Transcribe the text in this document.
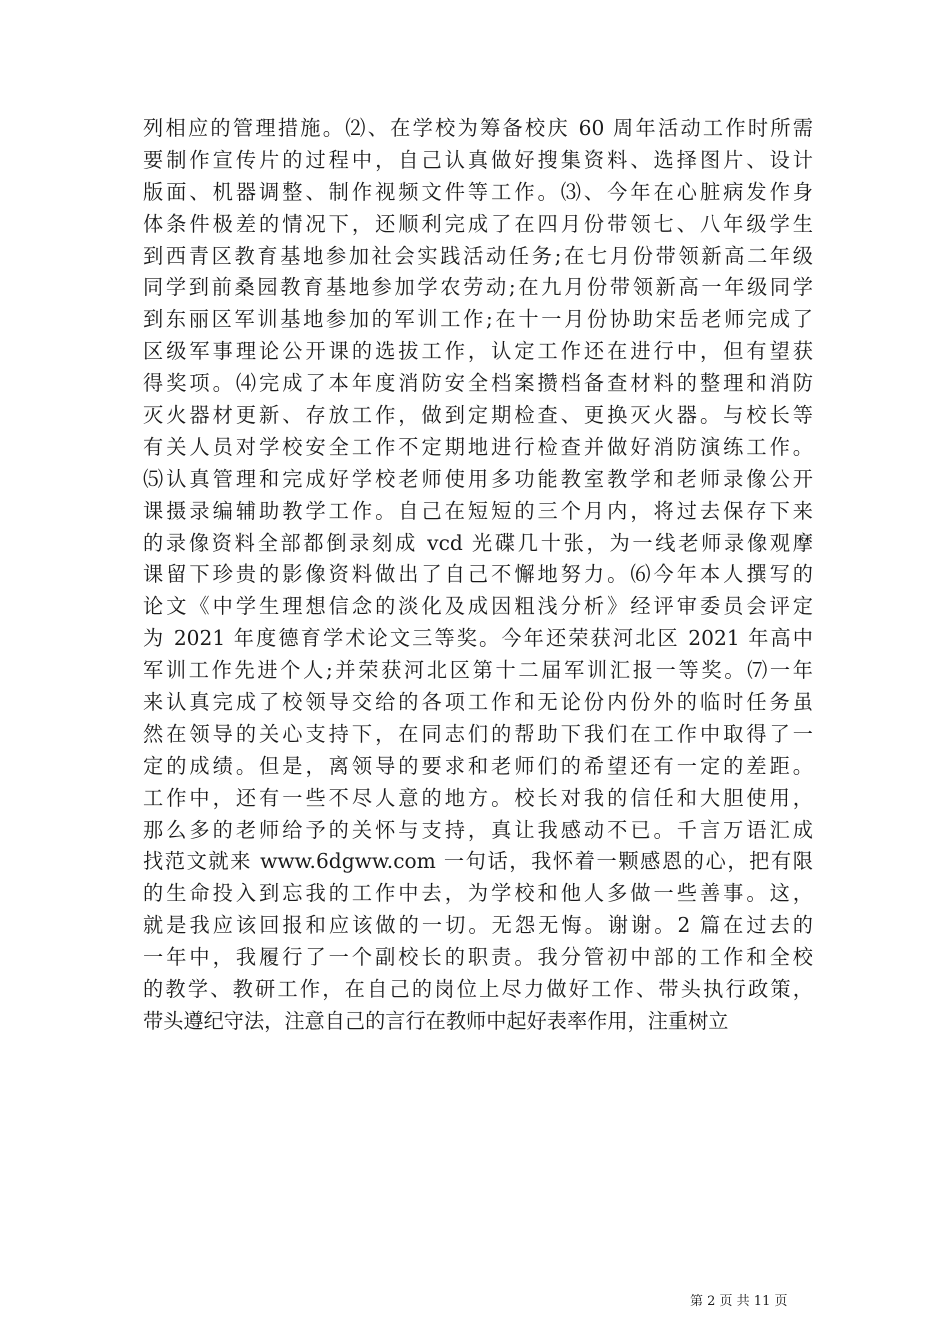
列相应的管理措施。⑵、在学校为筹备校庆 60 周年活动工作时所需
要制作宣传片的过程中，自己认真做好搜集资料、选择图片、设计
版面、机器调整、制作视频文件等工作。⑶、今年在心脏病发作身
体条件极差的情况下，还顺利完成了在四月份带领七、八年级学生
到西青区教育基地参加社会实践活动任务;在七月份带领新高二年级
同学到前桑园教育基地参加学农劳动;在九月份带领新高一年级同学
到东丽区军训基地参加的军训工作;在十一月份协助宋岳老师完成了
区级军事理论公开课的选拔工作，认定工作还在进行中，但有望获
得奖项。⑷完成了本年度消防安全档案攒档备查材料的整理和消防
灭火器材更新、存放工作，做到定期检查、更换灭火器。与校长等
有关人员对学校安全工作不定期地进行检查并做好消防演练工作。
⑸认真管理和完成好学校老师使用多功能教室教学和老师录像公开
课摄录编辅助教学工作。自己在短短的三个月内，将过去保存下来
的录像资料全部都倒录刻成 vcd 光碟几十张，为一线老师录像观摩
课留下珍贵的影像资料做出了自己不懈地努力。⑹今年本人撰写的
论文《中学生理想信念的淡化及成因粗浅分析》经评审委员会评定
为 2021 年度德育学术论文三等奖。今年还荣获河北区 2021 年高中
军训工作先进个人;并荣获河北区第十二届军训汇报一等奖。⑺一年
来认真完成了校领导交给的各项工作和无论份内份外的临时任务虽
然在领导的关心支持下，在同志们的帮助下我们在工作中取得了一
定的成绩。但是，离领导的要求和老师们的希望还有一定的差距。
工作中，还有一些不尽人意的地方。校长对我的信任和大胆使用，
那么多的老师给予的关怀与支持，真让我感动不已。千言万语汇成
找范文就来 www.6dgww.com 一句话，我怀着一颗感恩的心，把有限
的生命投入到忘我的工作中去，为学校和他人多做一些善事。这，
就是我应该回报和应该做的一切。无怨无悔。谢谢。2 篇在过去的
一年中，我履行了一个副校长的职责。我分管初中部的工作和全校
的教学、教研工作，在自己的岗位上尽力做好工作、带头执行政策，
带头遵纪守法，注意自己的言行在教师中起好表率作用，注重树立
第 2 页 共 11 页
